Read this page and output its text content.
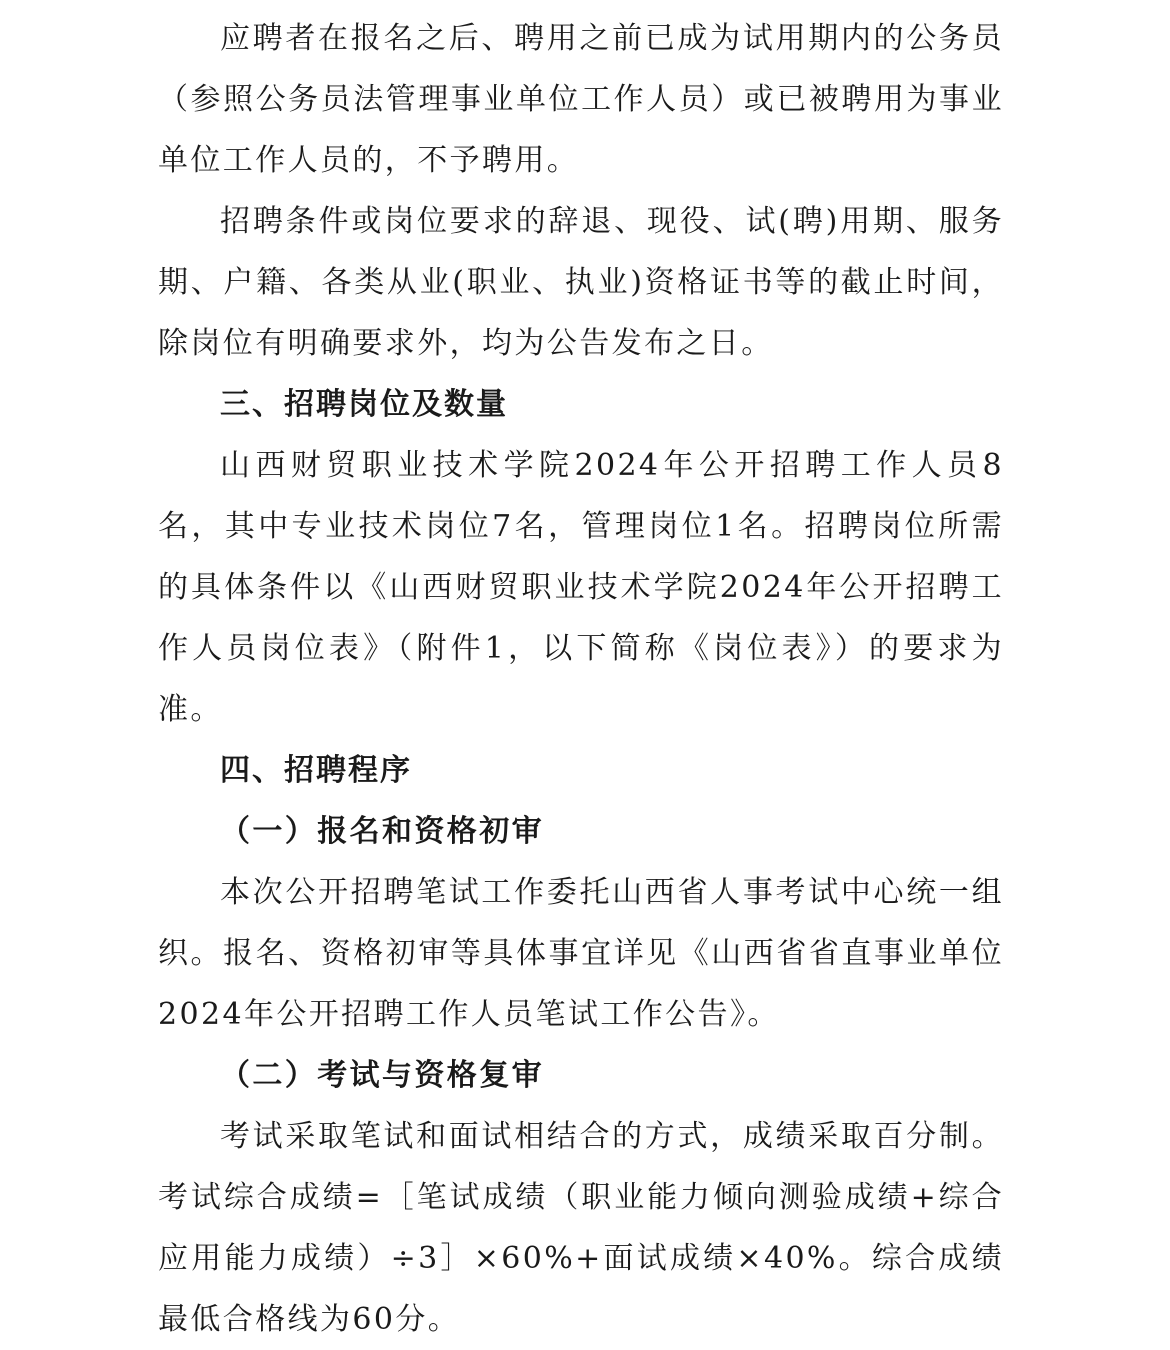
应聘者在报名之后、聘用之前已成为试用期内的公务员（参照公务员法管理事业单位工作人员）或已被聘用为事业单位工作人员的，不予聘用。

招聘条件或岗位要求的辞退、现役、试(聘)用期、服务期、户籍、各类从业(职业、执业)资格证书等的截止时间，除岗位有明确要求外，均为公告发布之日。

三、招聘岗位及数量

山西财贸职业技术学院2024年公开招聘工作人员8名，其中专业技术岗位7名，管理岗位1名。招聘岗位所需的具体条件以《山西财贸职业技术学院2024年公开招聘工作人员岗位表》（附件1，以下简称《岗位表》）的要求为准。

四、招聘程序

（一）报名和资格初审

本次公开招聘笔试工作委托山西省人事考试中心统一组织。报名、资格初审等具体事宜详见《山西省省直事业单位2024年公开招聘工作人员笔试工作公告》。

（二）考试与资格复审

考试采取笔试和面试相结合的方式，成绩采取百分制。考试综合成绩=［笔试成绩（职业能力倾向测验成绩+综合应用能力成绩）÷3］×60%+面试成绩×40%。综合成绩最低合格线为60分。
